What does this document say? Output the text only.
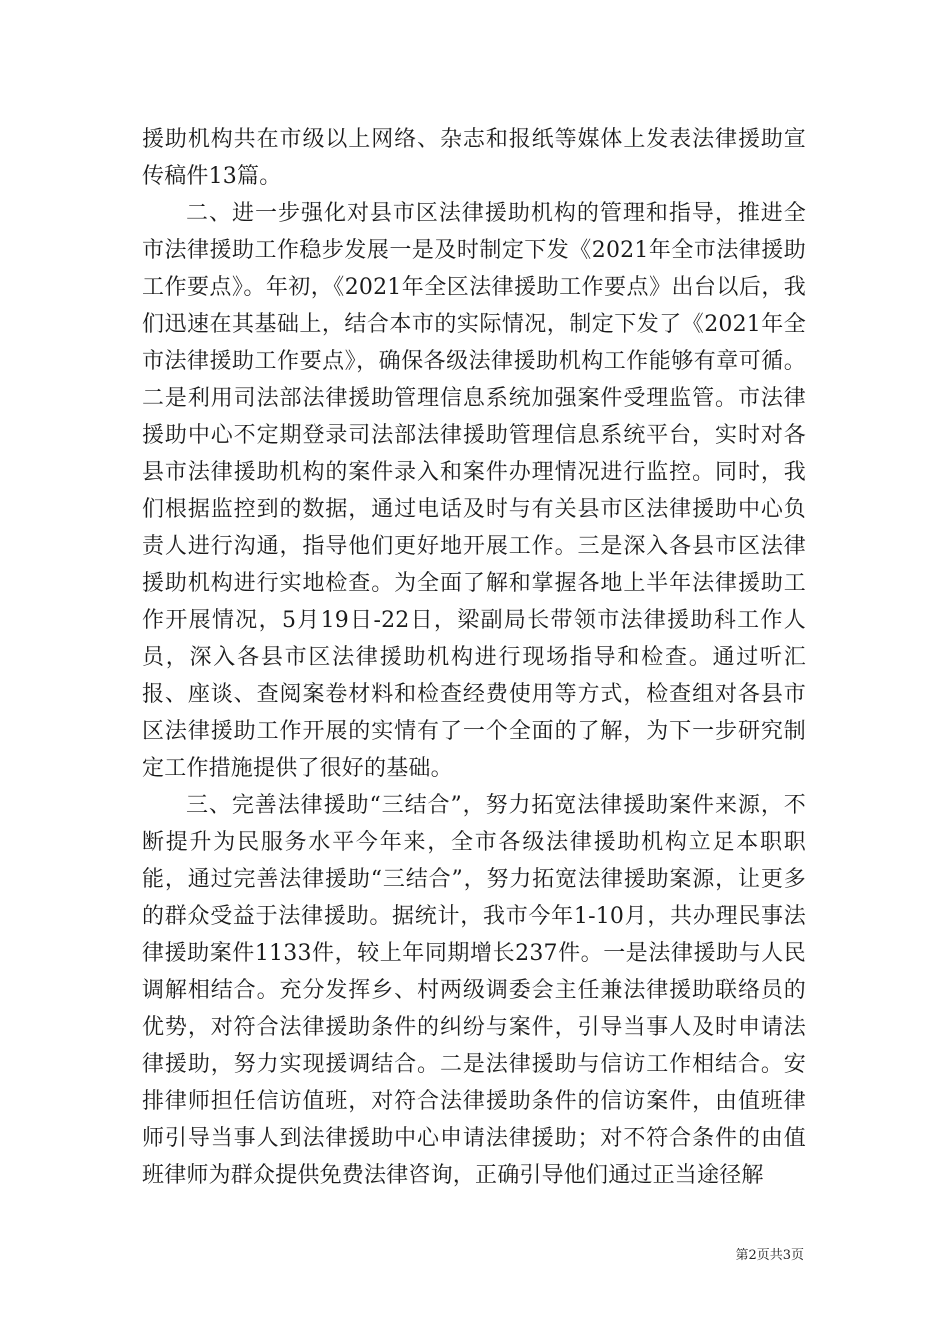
援助机构共在市级以上网络、杂志和报纸等媒体上发表法律援助宣传稿件13篇。

二、进一步强化对县市区法律援助机构的管理和指导，推进全市法律援助工作稳步发展一是及时制定下发《2021年全市法律援助工作要点》。年初，《2021年全区法律援助工作要点》出台以后，我们迅速在其基础上，结合本市的实际情况，制定下发了《2021年全市法律援助工作要点》，确保各级法律援助机构工作能够有章可循。二是利用司法部法律援助管理信息系统加强案件受理监管。市法律援助中心不定期登录司法部法律援助管理信息系统平台，实时对各县市法律援助机构的案件录入和案件办理情况进行监控。同时，我们根据监控到的数据，通过电话及时与有关县市区法律援助中心负责人进行沟通，指导他们更好地开展工作。三是深入各县市区法律援助机构进行实地检查。为全面了解和掌握各地上半年法律援助工作开展情况，5月19日-22日，梁副局长带领市法律援助科工作人员，深入各县市区法律援助机构进行现场指导和检查。通过听汇报、座谈、查阅案卷材料和检查经费使用等方式，检查组对各县市区法律援助工作开展的实情有了一个全面的了解，为下一步研究制定工作措施提供了很好的基础。

三、完善法律援助“三结合”，努力拓宽法律援助案件来源，不断提升为民服务水平今年来，全市各级法律援助机构立足本职职能，通过完善法律援助“三结合”，努力拓宽法律援助案源，让更多的群众受益于法律援助。据统计，我市今年1-10月，共办理民事法律援助案件1133件，较上年同期增长237件。一是法律援助与人民调解相结合。充分发挥乡、村两级调委会主任兼法律援助联络员的优势，对符合法律援助条件的纠纷与案件，引导当事人及时申请法律援助，努力实现援调结合。二是法律援助与信访工作相结合。安排律师担任信访值班，对符合法律援助条件的信访案件，由值班律师引导当事人到法律援助中心申请法律援助；对不符合条件的由值班律师为群众提供免费法律咨询，正确引导他们通过正当途径解

第2页共3页
